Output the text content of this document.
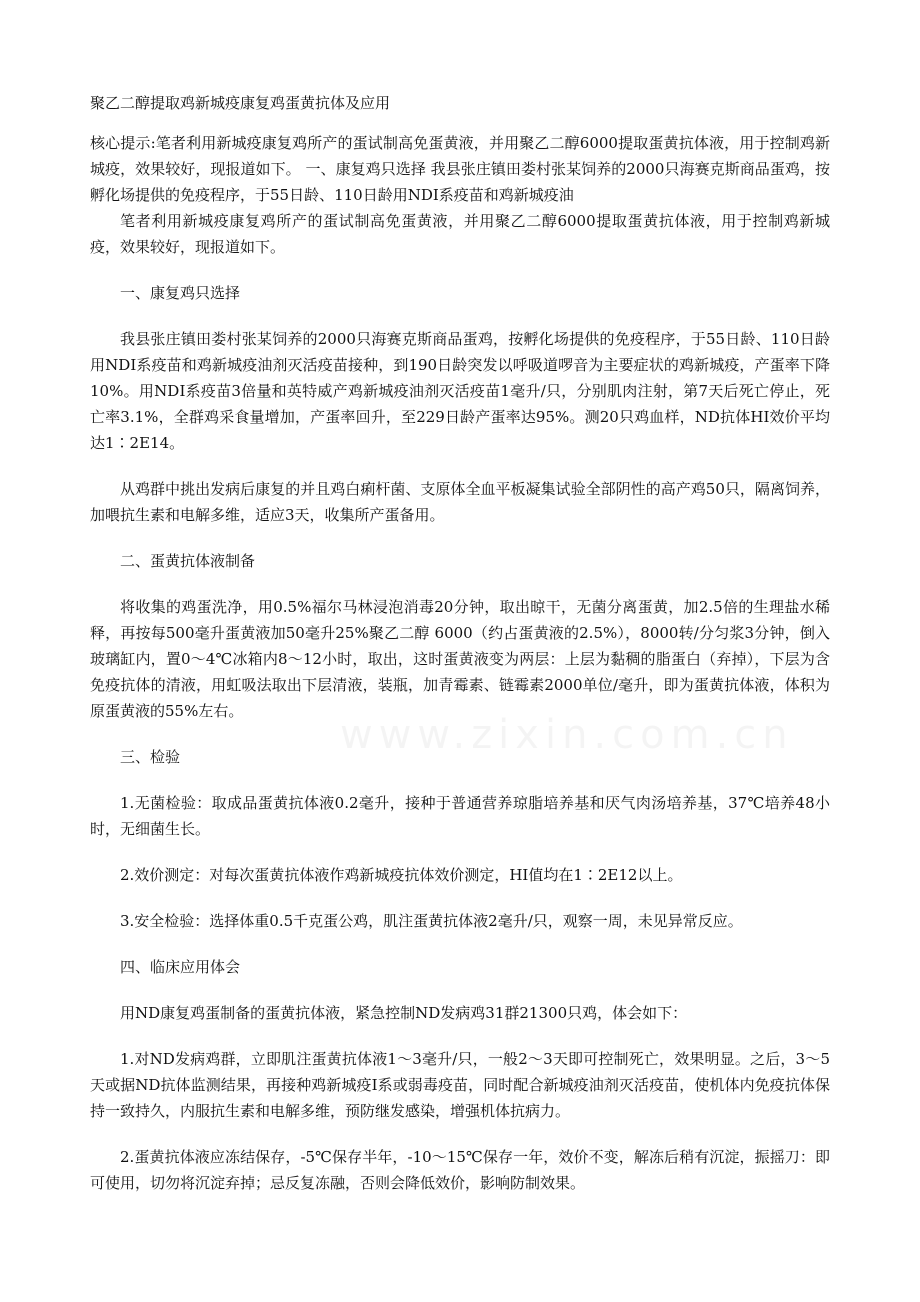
聚乙二醇提取鸡新城疫康复鸡蛋黄抗体及应用

核心提示:笔者利用新城疫康复鸡所产的蛋试制高免蛋黄液，并用聚乙二醇6000提取蛋黄抗体液，用于控制鸡新城疫，效果较好，现报道如下。 一、康复鸡只选择 我县张庄镇田娄村张某饲养的2000只海赛克斯商品蛋鸡，按孵化场提供的免疫程序，于55日龄、110日龄用NDⅠ系疫苗和鸡新城疫油

笔者利用新城疫康复鸡所产的蛋试制高免蛋黄液，并用聚乙二醇6000提取蛋黄抗体液，用于控制鸡新城疫，效果较好，现报道如下。

一、康复鸡只选择

我县张庄镇田娄村张某饲养的2000只海赛克斯商品蛋鸡，按孵化场提供的免疫程序，于55日龄、110日龄用NDⅠ系疫苗和鸡新城疫油剂灭活疫苗接种，到190日龄突发以呼吸道啰音为主要症状的鸡新城疫，产蛋率下降10%。用NDⅠ系疫苗3倍量和英特威产鸡新城疫油剂灭活疫苗1毫升/只，分别肌肉注射，第7天后死亡停止，死亡率3.1%，全群鸡采食量增加，产蛋率回升，至229日龄产蛋率达95%。测20只鸡血样，ND抗体HI效价平均达1∶2E14。

从鸡群中挑出发病后康复的并且鸡白痢杆菌、支原体全血平板凝集试验全部阴性的高产鸡50只，隔离饲养，加喂抗生素和电解多维，适应3天，收集所产蛋备用。

二、蛋黄抗体液制备

将收集的鸡蛋洗净，用0.5%福尔马林浸泡消毒20分钟，取出晾干，无菌分离蛋黄，加2.5倍的生理盐水稀释，再按每500毫升蛋黄液加50毫升25%聚乙二醇 6000（约占蛋黄液的2.5%），8000转/分匀浆3分钟，倒入玻璃缸内，置0～4℃冰箱内8～12小时，取出，这时蛋黄液变为两层：上层为黏稠的脂蛋白（弃掉），下层为含免疫抗体的清液，用虹吸法取出下层清液，装瓶，加青霉素、链霉素2000单位/毫升，即为蛋黄抗体液，体积为原蛋黄液的55%左右。

三、检验

1.无菌检验：取成品蛋黄抗体液0.2毫升，接种于普通营养琼脂培养基和厌气肉汤培养基，37℃培养48小时，无细菌生长。

2.效价测定：对每次蛋黄抗体液作鸡新城疫抗体效价测定，HI值均在1∶2E12以上。

3.安全检验：选择体重0.5千克蛋公鸡，肌注蛋黄抗体液2毫升/只，观察一周，未见异常反应。

四、临床应用体会

用ND康复鸡蛋制备的蛋黄抗体液，紧急控制ND发病鸡31群21300只鸡，体会如下：

1.对ND发病鸡群，立即肌注蛋黄抗体液1～3毫升/只，一般2～3天即可控制死亡，效果明显。之后，3～5天或据ND抗体监测结果，再接种鸡新城疫Ⅰ系或弱毒疫苗，同时配合新城疫油剂灭活疫苗，使机体内免疫抗体保持一致持久，内服抗生素和电解多维，预防继发感染，增强机体抗病力。

2.蛋黄抗体液应冻结保存，-5℃保存半年，-10～15℃保存一年，效价不变，解冻后稍有沉淀，振摇刀：即可使用，切勿将沉淀弃掉；忌反复冻融，否则会降低效价，影响防制效果。
